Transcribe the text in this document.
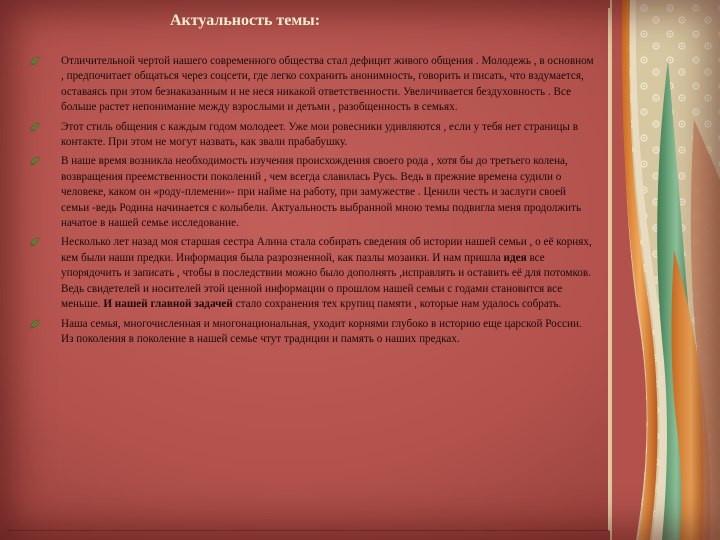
Актуальность темы:
Отличительной чертой нашего современного общества стал дефицит живого общения . Молодежь , в основном , предпочитает общаться через соцсети, где легко сохранить анонимность, говорить и писать, что вздумается, оставаясь при этом безнаказанным и не неся никакой ответственности. Увеличивается бездуховность . Все больше растет непонимание между взрослыми и детьми , разобщенность в семьях.
Этот стиль общения с каждым годом молодеет. Уже мои ровесники удивляются , если у тебя нет страницы в контакте. При этом не могут назвать, как звали прабабушку.
В наше время возникла необходимость изучения происхождения своего рода , хотя бы до третьего колена, возвращения преемственности поколений , чем всегда славилась Русь. Ведь в прежние времена судили о человеке, каком он «роду-племени»- при найме на работу, при замужестве . Ценили честь и заслуги своей семьи -ведь Родина начинается с колыбели. Актуальность выбранной мною темы подвигла меня продолжить начатое в нашей семье исследование.
Несколько лет назад моя старшая сестра Алина стала собирать сведения об истории нашей семьи , о её корнях, кем были наши предки. Информация была разрозненной, как пазлы мозаики. И нам пришла идея все упорядочить и записать , чтобы в последствии можно было дополнять ,исправлять и оставить её для потомков. Ведь свидетелей и носителей этой ценной информации о прошлом нашей семьи с годами становится все меньше. И нашей главной задачей стало сохранения тех крупиц памяти , которые нам удалось собрать.
Наша семья, многочисленная и многонациональная, уходит корнями глубоко в историю еще царской России. Из поколения в поколение в нашей семье чтут традиции и память о наших предках.
